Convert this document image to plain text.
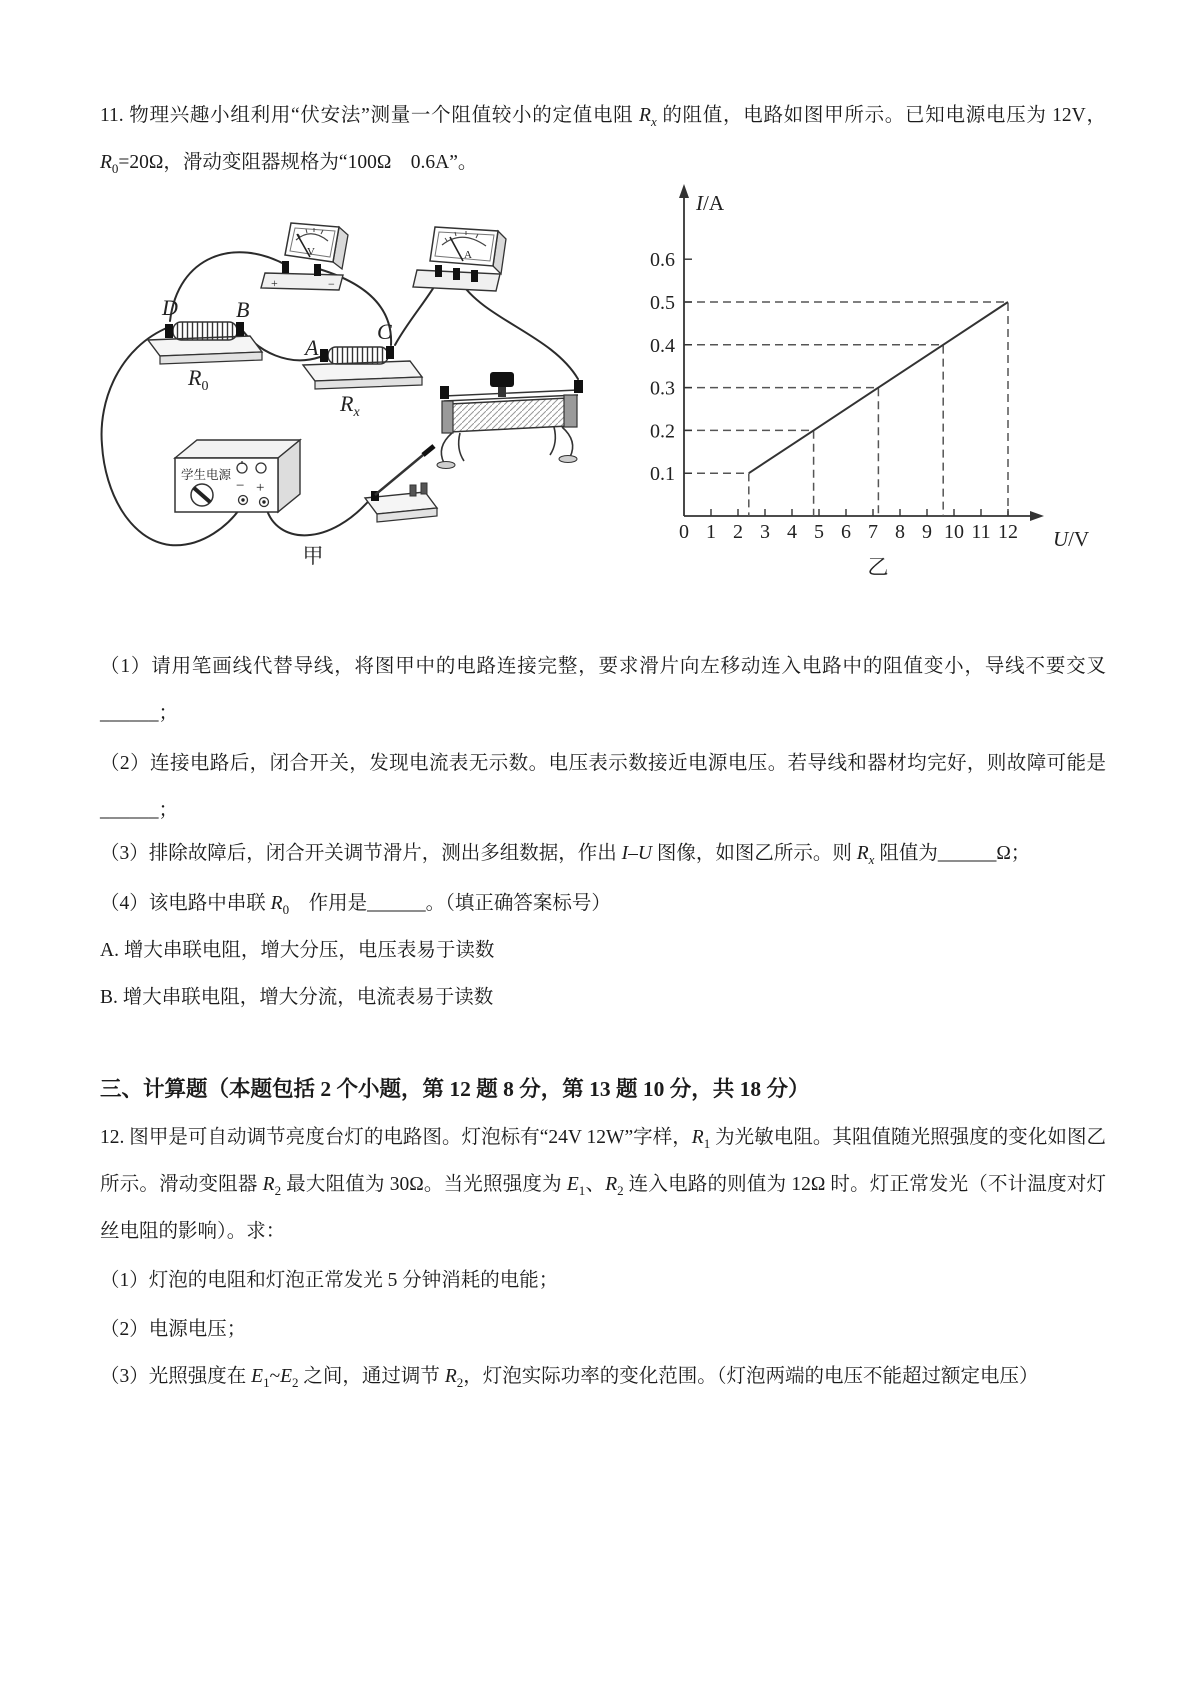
11. 物理兴趣小组利用“伏安法”测量一个阻值较小的定值电阻 $R_x$ 的阻值，电路如图甲所示。已知电源电压为 12V，$R_0=20\Omega$，滑动变阻器规格为“100Ω　0.6A”。

V
+	−
A
D	B
$R_0$
A
C
$R_x$
学生电源
− +
甲
I/A
U/V
0 1 2 3 4 5 6 7 8 9 10 11 12
0.1
0.2
0.3
0.4
0.5
0.6
乙

（1）请用笔画线代替导线，将图甲中的电路连接完整，要求滑片向左移动连入电路中的阻值变小，导线不要交叉______；

（2）连接电路后，闭合开关，发现电流表无示数。电压表示数接近电源电压。若导线和器材均完好，则故障可能是______；

（3）排除故障后，闭合开关调节滑片，测出多组数据，作出 I–U 图像，如图乙所示。则 $R_x$ 阻值为______Ω；

（4）该电路中串联 $R_0$　作用是______。（填正确答案标号）

A. 增大串联电阻，增大分压，电压表易于读数

B. 增大串联电阻，增大分流，电流表易于读数

三、计算题（本题包括 2 个小题，第 12 题 8 分，第 13 题 10 分，共 18 分）

12. 图甲是可自动调节亮度台灯的电路图。灯泡标有“24V 12W”字样，$R_1$ 为光敏电阻。其阻值随光照强度的变化如图乙所示。滑动变阻器 $R_2$ 最大阻值为 30Ω。当光照强度为 $E_1$、$R_2$ 连入电路的则值为 12Ω 时。灯正常发光（不计温度对灯丝电阻的影响）。求：

（1）灯泡的电阻和灯泡正常发光 5 分钟消耗的电能；

（2）电源电压；

（3）光照强度在 $E_1\sim E_2$ 之间，通过调节 $R_2$，灯泡实际功率的变化范围。（灯泡两端的电压不能超过额定电压）
